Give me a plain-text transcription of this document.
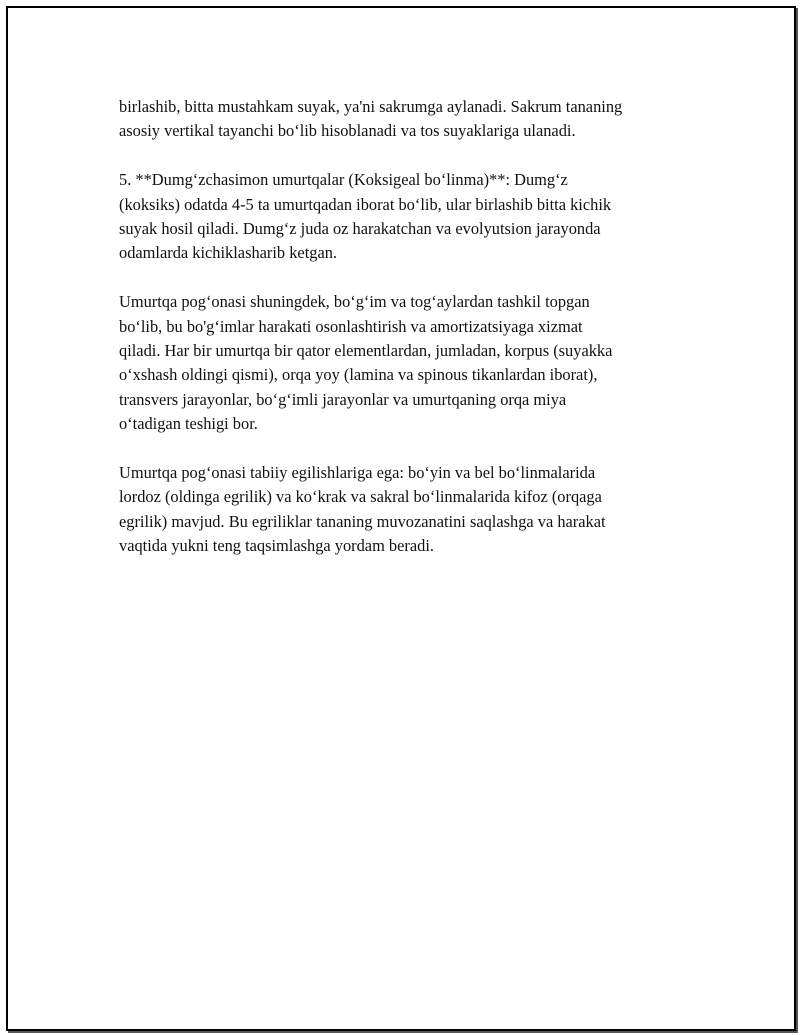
birlashib, bitta mustahkam suyak, ya'ni sakrumga aylanadi. Sakrum tananing
asosiy vertikal tayanchi boʻlib hisoblanadi va tos suyaklariga ulanadi.

5. **Dumgʻzchasimon umurtqalar (Koksigeal boʻlinma)**: Dumgʻz
(koksiks) odatda 4-5 ta umurtqadan iborat boʻlib, ular birlashib bitta kichik
suyak hosil qiladi. Dumgʻz juda oz harakatchan va evolyutsion jarayonda
odamlarda kichiklasharib ketgan.

Umurtqa pogʻonasi shuningdek, boʻgʻim va togʻaylardan tashkil topgan
boʻlib, bu bo'gʻimlar harakati osonlashtirish va amortizatsiyaga xizmat
qiladi. Har bir umurtqa bir qator elementlardan, jumladan, korpus (suyakka
oʻxshash oldingi qismi), orqa yoy (lamina va spinous tikanlardan iborat),
transvers jarayonlar, boʻgʻimli jarayonlar va umurtqaning orqa miya
oʻtadigan teshigi bor.

Umurtqa pogʻonasi tabiiy egilishlariga ega: boʻyin va bel boʻlinmalarida
lordoz (oldinga egrilik) va koʻkrak va sakral boʻlinmalarida kifoz (orqaga
egrilik) mavjud. Bu egriliklar tananing muvozanatini saqlashga va harakat
vaqtida yukni teng taqsimlashga yordam beradi.
